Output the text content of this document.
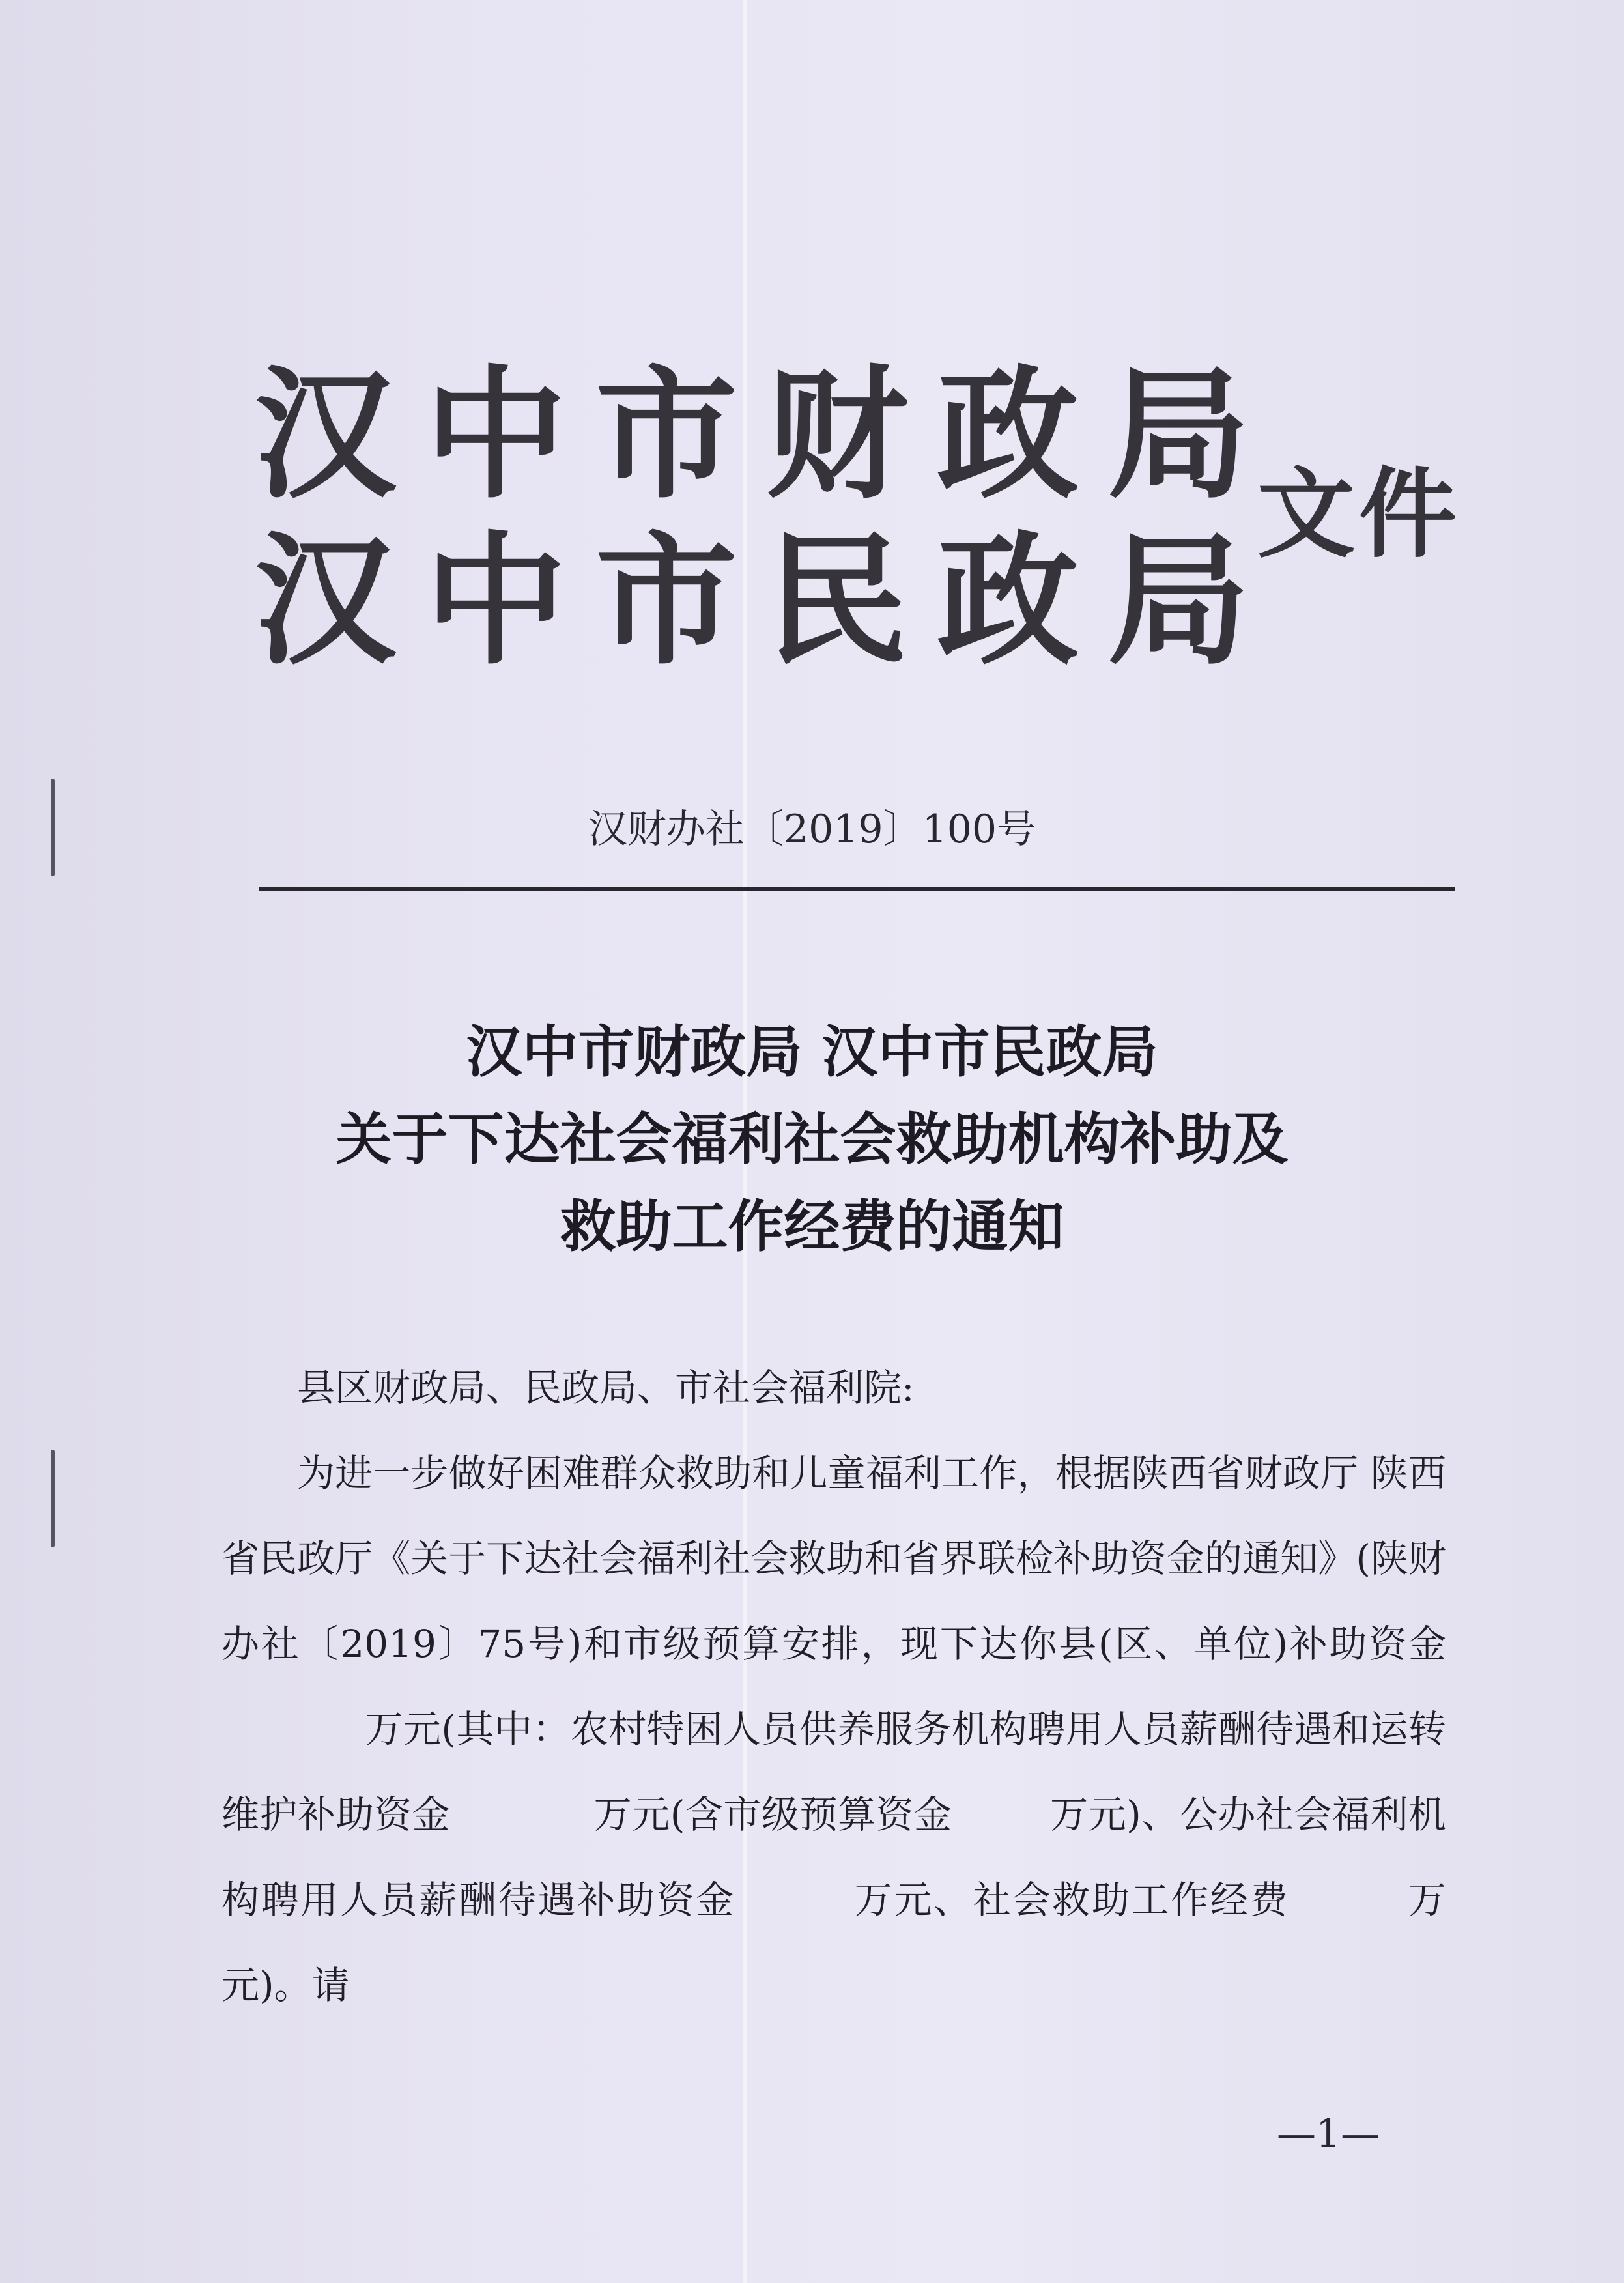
汉中市财政局
汉中市民政局
文件
汉财办社〔2019〕100号
汉中市财政局 汉中市民政局
关于下达社会福利社会救助机构补助及
救助工作经费的通知

县区财政局、民政局、市社会福利院:

为进一步做好困难群众救助和儿童福利工作，根据陕西省财政厅 陕西省民政厅《关于下达社会福利社会救助和省界联检补助资金的通知》(陕财办社〔2019〕75号)和市级预算安排，现下达你县(区、单位)补助资金万元(其中：农村特困人员供养服务机构聘用人员薪酬待遇和运转维护补助资金	万元(含市级预算资金	万元)、公办社会福利机构聘用人员薪酬待遇补助资金	万元、社会救助工作经费	万元)。请

—1—
